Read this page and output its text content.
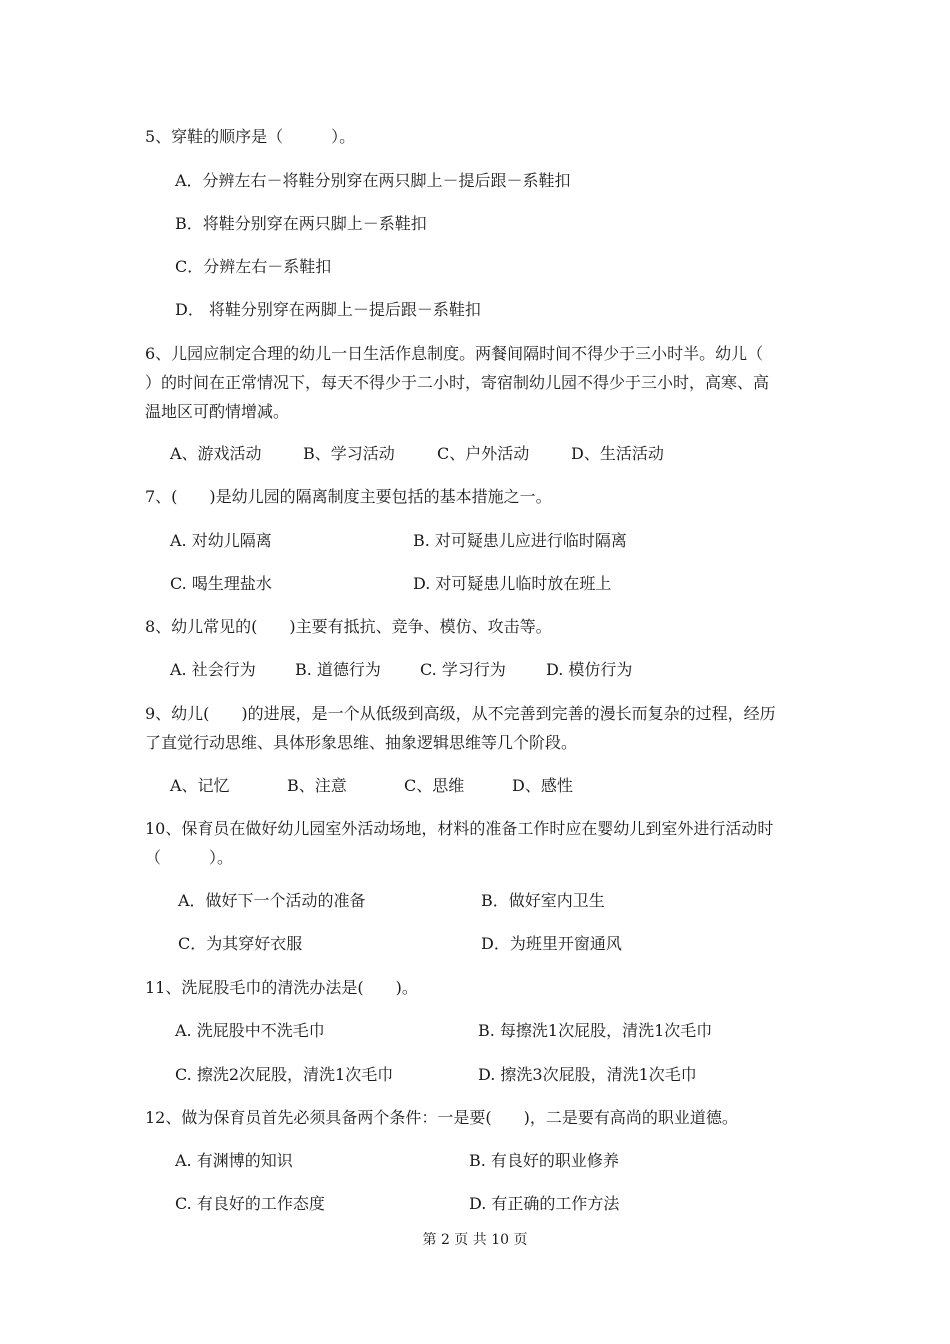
5、穿鞋的顺序是（　　　）。
A．分辨左右－将鞋分别穿在两只脚上－提后跟－系鞋扣
B．将鞋分别穿在两只脚上－系鞋扣
C．分辨左右－系鞋扣
D． 将鞋分别穿在两脚上－提后跟－系鞋扣
6、儿园应制定合理的幼儿一日生活作息制度。两餐间隔时间不得少于三小时半。幼儿（
）的时间在正常情况下，每天不得少于二小时，寄宿制幼儿园不得少于三小时，高寒、高
温地区可酌情增减。
A、游戏活动	B、学习活动	C、户外活动	D、生活活动
7、(　　)是幼儿园的隔离制度主要包括的基本措施之一。
A. 对幼儿隔离	B. 对可疑患儿应进行临时隔离
C. 喝生理盐水	D. 对可疑患儿临时放在班上
8、幼儿常见的(　　)主要有抵抗、竞争、模仿、攻击等。
A. 社会行为 B. 道德行为 C. 学习行为	D. 模仿行为
9、幼儿(　　)的进展，是一个从低级到高级，从不完善到完善的漫长而复杂的过程，经历
了直觉行动思维、具体形象思维、抽象逻辑思维等几个阶段。
A、记忆	B、注意	C、思维	D、感性
10、保育员在做好幼儿园室外活动场地，材料的准备工作时应在婴幼儿到室外进行活动时
（　　　）。
A．做好下一个活动的准备	B．做好室内卫生
C．为其穿好衣服	D．为班里开窗通风
11、洗屁股毛巾的清洗办法是(　　)。
A. 洗屁股中不洗毛巾	B. 每擦洗1次屁股，清洗1次毛巾
C. 擦洗2次屁股，清洗1次毛巾	D. 擦洗3次屁股，清洗1次毛巾
12、做为保育员首先必须具备两个条件：一是要(　　)，二是要有高尚的职业道德。
A. 有渊博的知识	B. 有良好的职业修养
C. 有良好的工作态度	D. 有正确的工作方法
第 2 页 共 10 页
